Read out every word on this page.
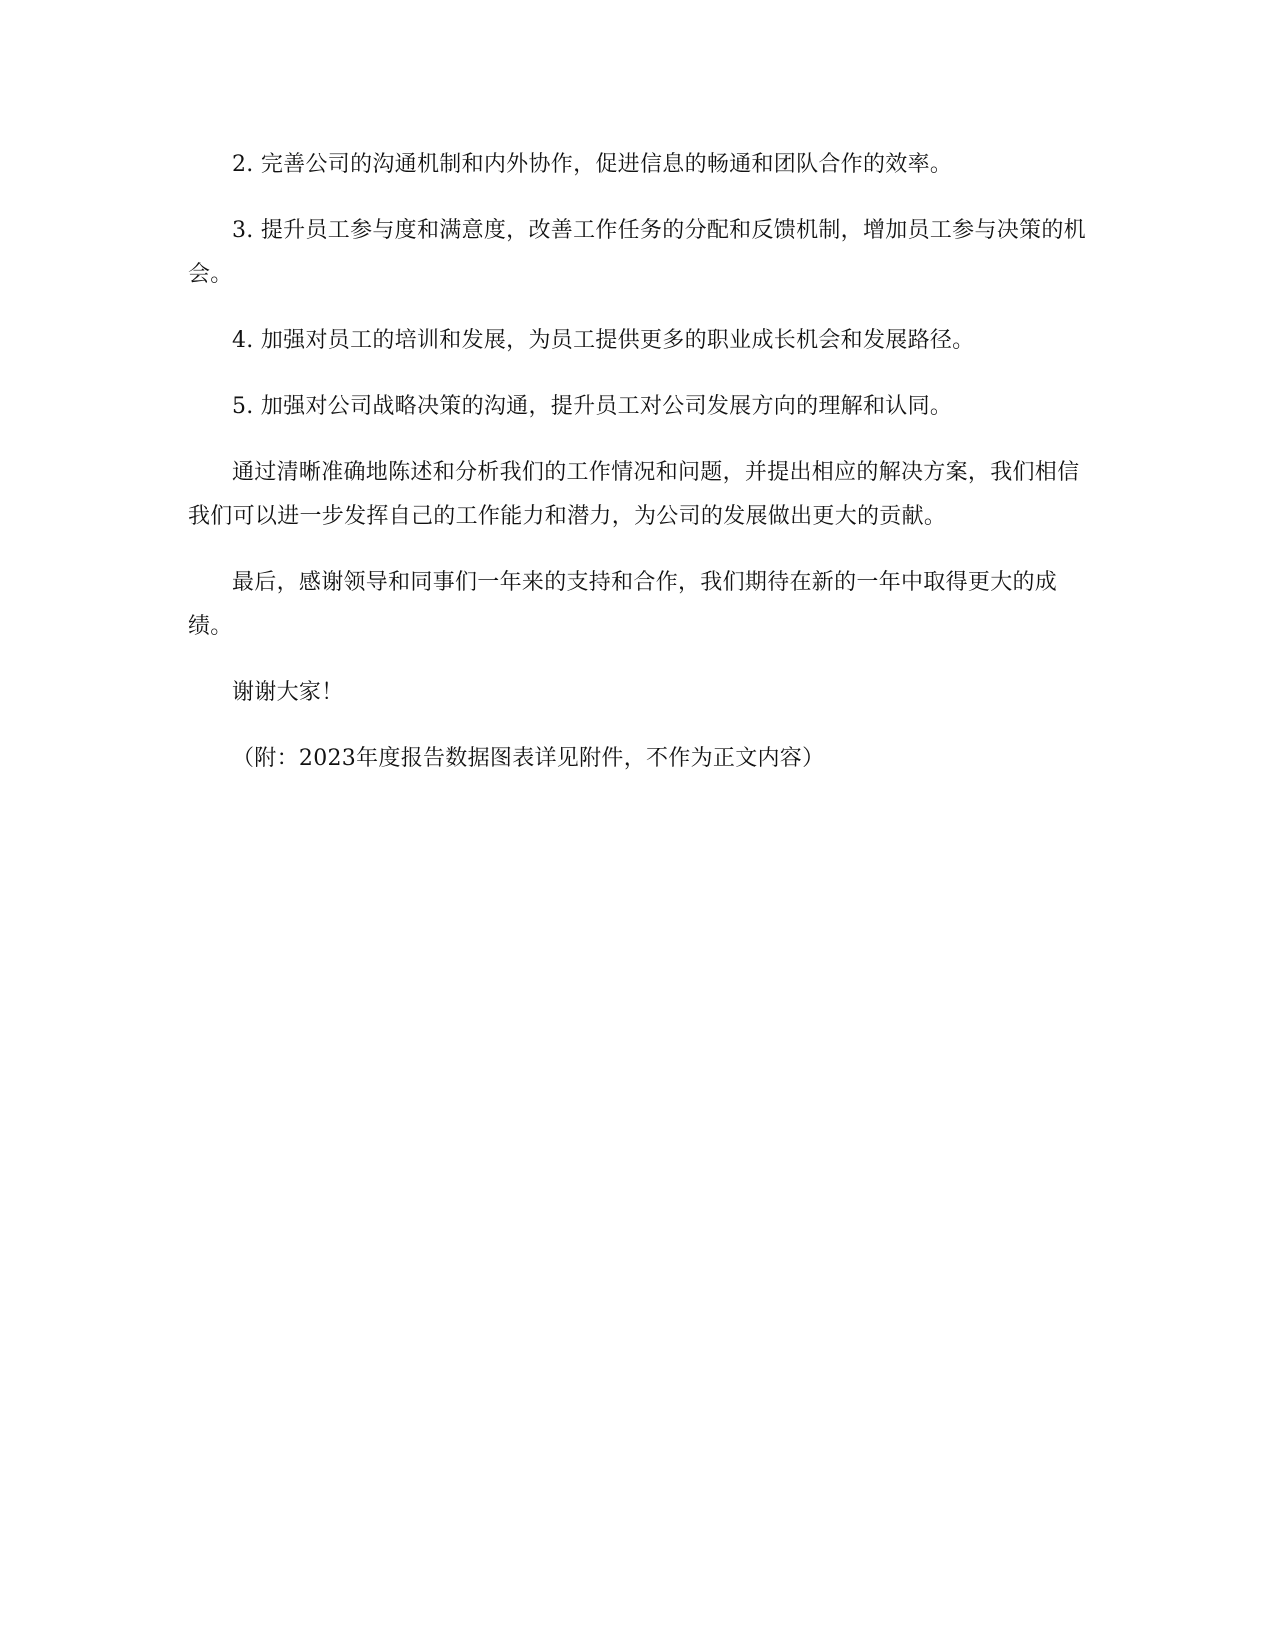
2. 完善公司的沟通机制和内外协作，促进信息的畅通和团队合作的效率。

3. 提升员工参与度和满意度，改善工作任务的分配和反馈机制，增加员工参与决策的机会。

4. 加强对员工的培训和发展，为员工提供更多的职业成长机会和发展路径。

5. 加强对公司战略决策的沟通，提升员工对公司发展方向的理解和认同。

通过清晰准确地陈述和分析我们的工作情况和问题，并提出相应的解决方案，我们相信我们可以进一步发挥自己的工作能力和潜力，为公司的发展做出更大的贡献。

最后，感谢领导和同事们一年来的支持和合作，我们期待在新的一年中取得更大的成绩。

谢谢大家！

（附：2023年度报告数据图表详见附件，不作为正文内容）
